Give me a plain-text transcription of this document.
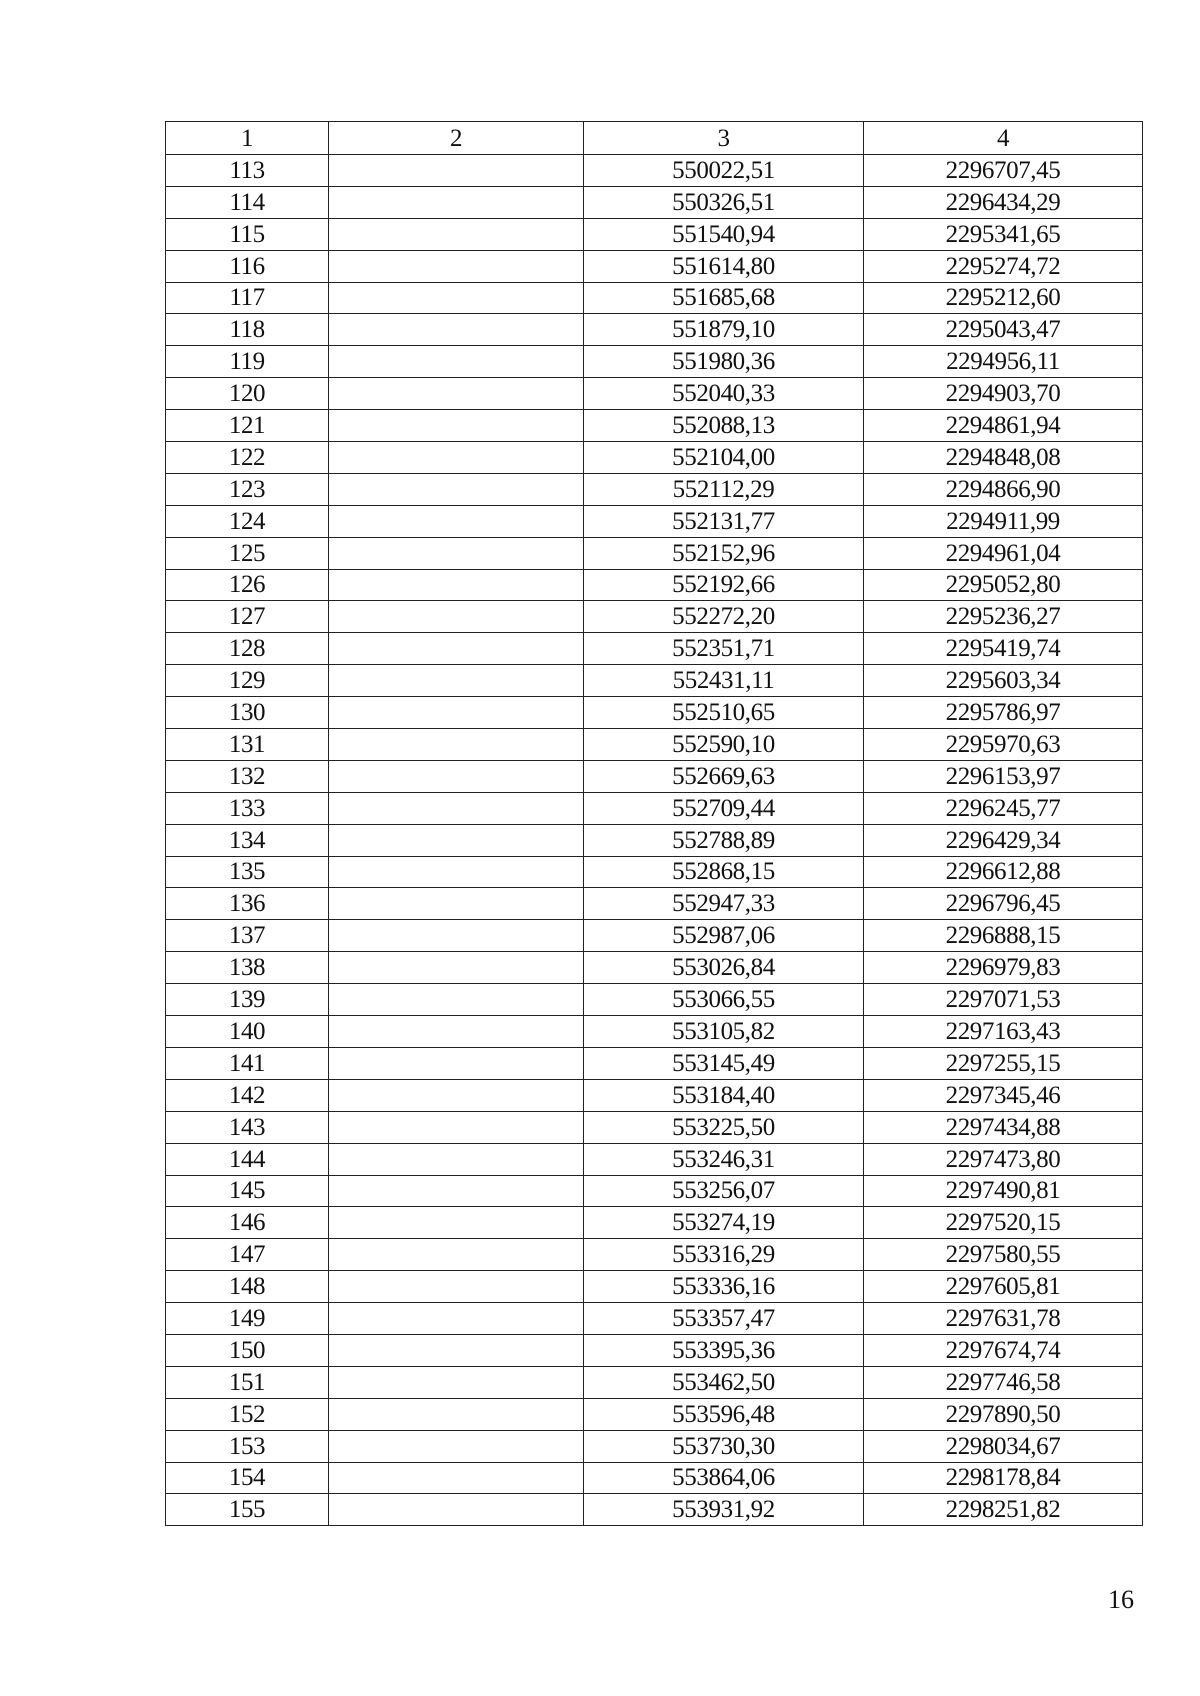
1	2	3	4
113		550022,51	2296707,45
114		550326,51	2296434,29
115		551540,94	2295341,65
116		551614,80	2295274,72
117		551685,68	2295212,60
118		551879,10	2295043,47
119		551980,36	2294956,11
120		552040,33	2294903,70
121		552088,13	2294861,94
122		552104,00	2294848,08
123		552112,29	2294866,90
124		552131,77	2294911,99
125		552152,96	2294961,04
126		552192,66	2295052,80
127		552272,20	2295236,27
128		552351,71	2295419,74
129		552431,11	2295603,34
130		552510,65	2295786,97
131		552590,10	2295970,63
132		552669,63	2296153,97
133		552709,44	2296245,77
134		552788,89	2296429,34
135		552868,15	2296612,88
136		552947,33	2296796,45
137		552987,06	2296888,15
138		553026,84	2296979,83
139		553066,55	2297071,53
140		553105,82	2297163,43
141		553145,49	2297255,15
142		553184,40	2297345,46
143		553225,50	2297434,88
144		553246,31	2297473,80
145		553256,07	2297490,81
146		553274,19	2297520,15
147		553316,29	2297580,55
148		553336,16	2297605,81
149		553357,47	2297631,78
150		553395,36	2297674,74
151		553462,50	2297746,58
152		553596,48	2297890,50
153		553730,30	2298034,67
154		553864,06	2298178,84
155		553931,92	2298251,82
16
